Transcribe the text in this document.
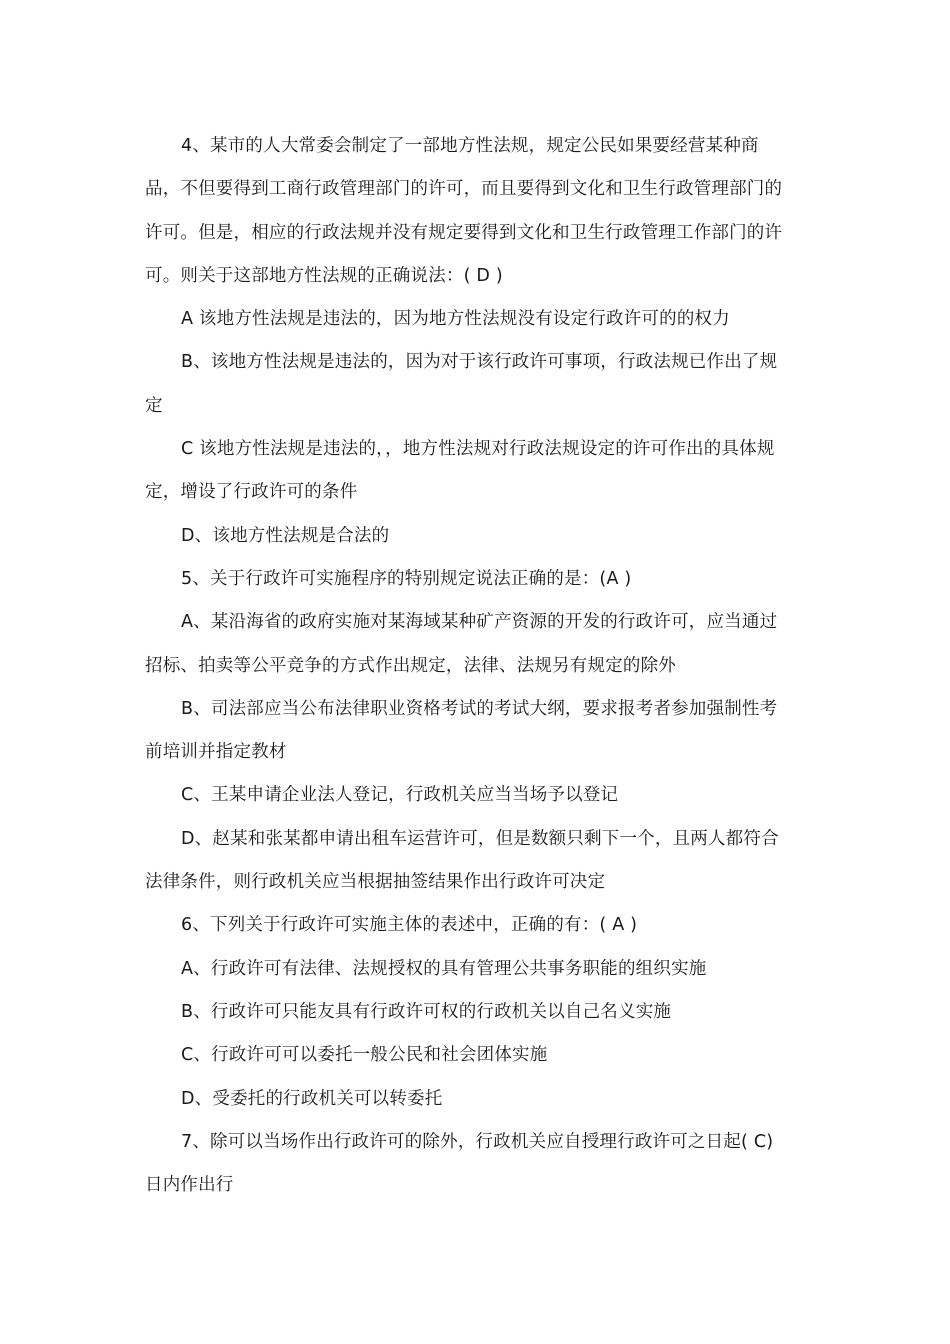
4、某市的人大常委会制定了一部地方性法规，规定公民如果要经营某种商品，不但要得到工商行政管理部门的许可，而且要得到文化和卫生行政管理部门的许可。但是，相应的行政法规并没有规定要得到文化和卫生行政管理工作部门的许可。则关于这部地方性法规的正确说法：( D )

A 该地方性法规是违法的，因为地方性法规没有设定行政许可的的权力

B、该地方性法规是违法的，因为对于该行政许可事项，行政法规已作出了规定

C 该地方性法规是违法的，，地方性法规对行政法规设定的许可作出的具体规定，增设了行政许可的条件

D、该地方性法规是合法的

5、关于行政许可实施程序的特别规定说法正确的是：(A )

A、某沿海省的政府实施对某海域某种矿产资源的开发的行政许可，应当通过招标、拍卖等公平竞争的方式作出规定，法律、法规另有规定的除外

B、司法部应当公布法律职业资格考试的考试大纲，要求报考者参加强制性考前培训并指定教材

C、王某申请企业法人登记，行政机关应当当场予以登记

D、赵某和张某都申请出租车运营许可，但是数额只剩下一个，且两人都符合法律条件，则行政机关应当根据抽签结果作出行政许可决定

6、下列关于行政许可实施主体的表述中，正确的有：( A )

A、行政许可有法律、法规授权的具有管理公共事务职能的组织实施

B、行政许可只能友具有行政许可权的行政机关以自己名义实施

C、行政许可可以委托一般公民和社会团体实施

D、受委托的行政机关可以转委托

7、除可以当场作出行政许可的除外，行政机关应自授理行政许可之日起( C)日内作出行
